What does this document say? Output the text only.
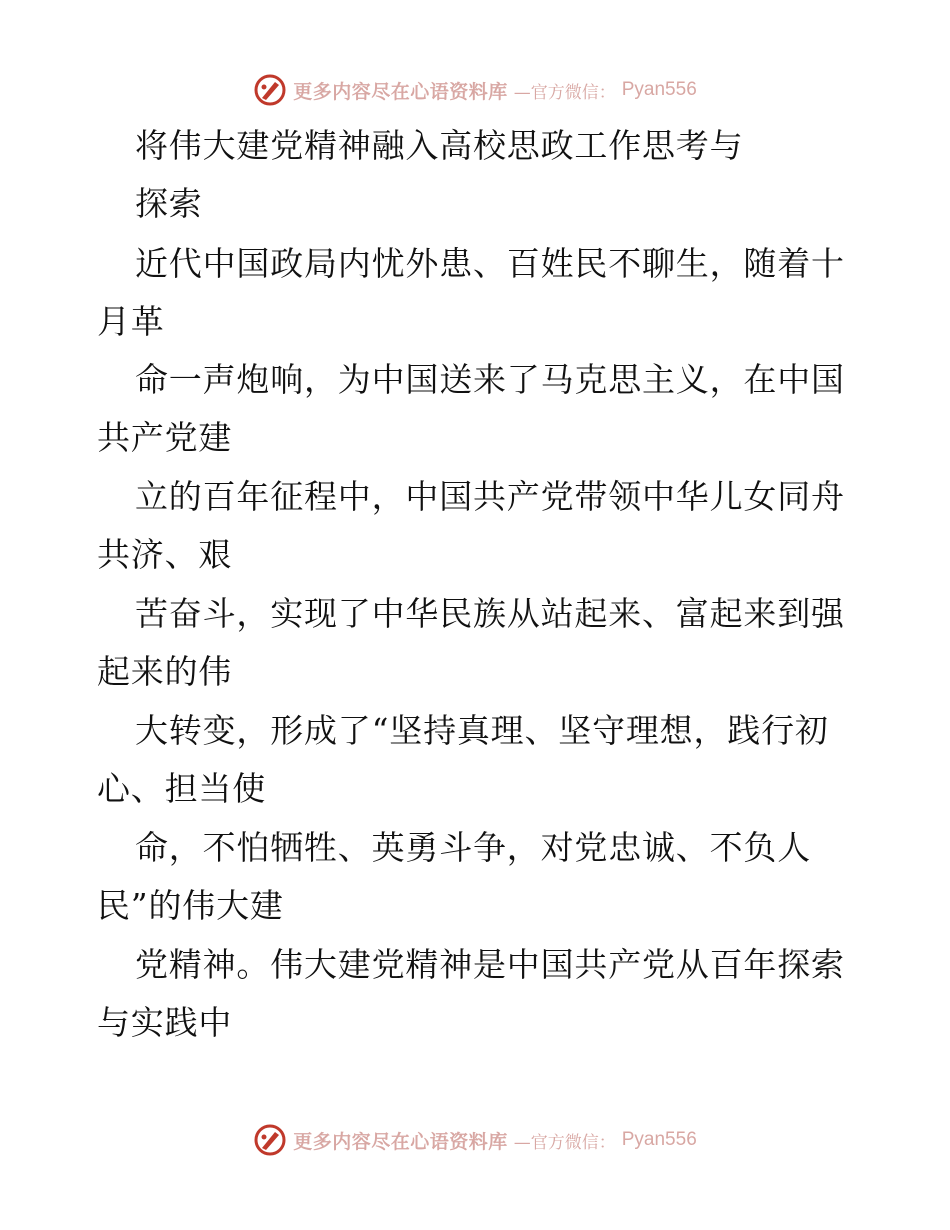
更多内容尽在心语资料库 —官方微信： Pyan556
将伟大建党精神融入高校思政工作思考与
探索
近代中国政局内忧外患、百姓民不聊生，随着十
月革
命一声炮响，为中国送来了马克思主义，在中国
共产党建
立的百年征程中，中国共产党带领中华儿女同舟
共济、艰
苦奋斗，实现了中华民族从站起来、富起来到强
起来的伟
大转变，形成了“坚持真理、坚守理想，践行初
心、担当使
命，不怕牺牲、英勇斗争，对党忠诚、不负人
民”的伟大建
党精神。伟大建党精神是中国共产党从百年探索
与实践中
更多内容尽在心语资料库 —官方微信： Pyan556
